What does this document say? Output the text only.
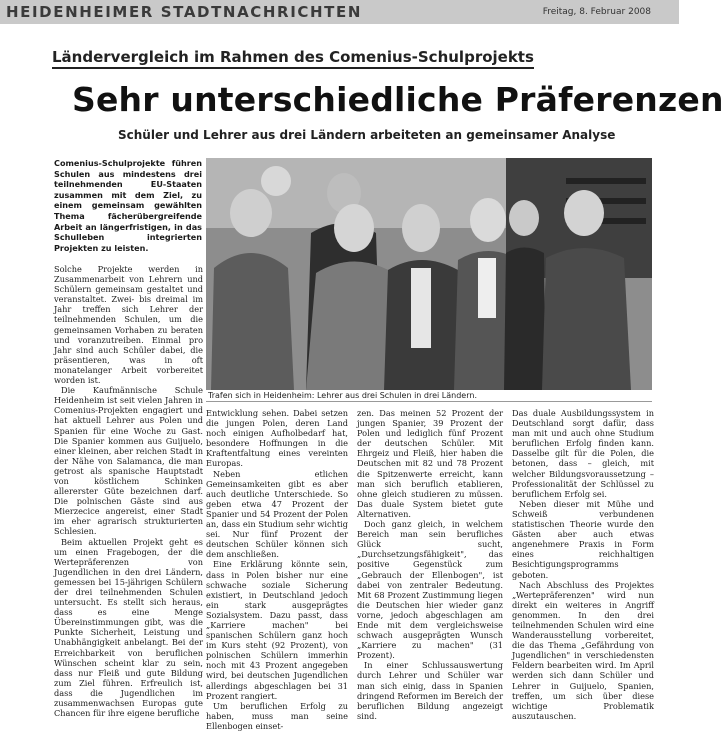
HEIDENHEIMER STADTNACHRICHTEN	Freitag, 8. Februar 2008
Ländervergleich im Rahmen des Comenius-Schulprojekts
Sehr unterschiedliche Präferenzen
Schüler und Lehrer aus drei Ländern arbeiteten an gemeinsamer Analyse
Comenius-Schulprojekte führen Schulen aus mindestens drei teilnehmenden EU-Staaten zusammen mit dem Ziel, zu einem gemeinsam gewählten Thema fächerübergreifende Arbeit an längerfristigen, in das Schulleben integrierten Projekten zu leisten.
Trafen sich in Heidenheim: Lehrer aus drei Schulen in drei Ländern.

Solche Projekte werden in Zusammenarbeit von Lehrern und Schülern gemeinsam gestaltet und veranstaltet. Zwei- bis dreimal im Jahr treffen sich Lehrer der teilnehmenden Schulen, um die gemeinsamen Vorhaben zu beraten und voranzutreiben. Einmal pro Jahr sind auch Schüler dabei, die präsentieren, was in oft monatelanger Arbeit vorbereitet worden ist.

Die Kaufmännische Schule Heidenheim ist seit vielen Jahren in Comenius-Projekten engagiert und hat aktuell Lehrer aus Polen und Spanien für eine Woche zu Gast. Die Spanier kommen aus Guijuelo, einer kleinen, aber reichen Stadt in der Nähe von Salamanca, die man getrost als spanische Hauptstadt von köstlichem Schinken allererster Güte bezeichnen darf. Die polnischen Gäste sind aus Mierzecice angereist, einer Stadt im eher agrarisch strukturierten Schlesien.

Beim aktuellen Projekt geht es um einen Fragebogen, der die Wertepräferenzen von Jugendlichen in den drei Ländern, gemessen bei 15-jährigen Schülern der drei teilnehmenden Schulen untersucht. Es stellt sich heraus, dass es eine Menge Übereinstimmungen gibt, was die Punkte Sicherheit, Leistung und Unabhängigkeit anbelangt. Bei der Erreichbarkeit von beruflichen Wünschen scheint klar zu sein, dass nur Fleiß und gute Bildung zum Ziel führen. Erfreulich ist, dass die Jugendlichen im zusammenwachsen Europas gute Chancen für ihre eigene berufliche

Entwicklung sehen. Dabei setzen die jungen Polen, deren Land noch einigen Aufholbedarf hat, besondere Hoffnungen in die Kraftentfaltung eines vereinten Europas.

Neben etlichen Gemeinsamkeiten gibt es aber auch deutliche Unterschiede. So geben etwa 47 Prozent der Spanier und 54 Prozent der Polen an, dass ein Studium sehr wichtig sei. Nur fünf Prozent der deutschen Schüler können sich dem anschließen.

Eine Erklärung könnte sein, dass in Polen bisher nur eine schwache soziale Sicherung existiert, in Deutschland jedoch ein stark ausgeprägtes Sozialsystem. Dazu passt, dass „Karriere machen" bei spanischen Schülern ganz hoch im Kurs steht (92 Prozent), von polnischen Schülern immerhin noch mit 43 Prozent angegeben wird, bei deutschen Jugendlichen allerdings abgeschlagen bei 31 Prozent rangiert.

Um beruflichen Erfolg zu haben, muss man seine Ellenbogen einset-

zen. Das meinen 52 Prozent der jungen Spanier, 39 Prozent der Polen und lediglich fünf Prozent der deutschen Schüler. Mit Ehrgeiz und Fleiß, hier haben die Deutschen mit 82 und 78 Prozent die Spitzenwerte erreicht, kann man sich beruflich etablieren, ohne gleich studieren zu müssen. Das duale System bietet gute Alternativen.

Doch ganz gleich, in welchem Bereich man sein berufliches Glück sucht, „Durchsetzungsfähigkeit", das positive Gegenstück zum „Gebrauch der Ellenbogen", ist dabei von zentraler Bedeutung. Mit 68 Prozent Zustimmung liegen die Deutschen hier wieder ganz vorne, jedoch abgeschlagen am Ende mit dem vergleichsweise schwach ausgeprägten Wunsch „Karriere zu machen" (31 Prozent).

In einer Schlussauswertung durch Lehrer und Schüler war man sich einig, dass in Spanien dringend Reformen im Bereich der beruflichen Bildung angezeigt sind.

Das duale Ausbildungssystem in Deutschland sorgt dafür, dass man mit und auch ohne Studium beruflichen Erfolg finden kann. Dasselbe gilt für die Polen, die betonen, dass – gleich, mit welcher Bildungsvoraussetzung – Professionalität der Schlüssel zu beruflichem Erfolg sei.

Neben dieser mit Mühe und Schweiß verbundenen statistischen Theorie wurde den Gästen aber auch etwas angenehmere Praxis in Form eines reichhaltigen Besichtigungsprogramms geboten.

Nach Abschluss des Projektes „Wertepräferenzen" wird nun direkt ein weiteres in Angriff genommen. In den drei teilnehmenden Schulen wird eine Wanderausstellung vorbereitet, die das Thema „Gefährdung von Jugendlichen" in verschiedensten Feldern bearbeiten wird. Im April werden sich dann Schüler und Lehrer in Guijuelo, Spanien, treffen, um sich über diese wichtige Problematik auszutauschen.
